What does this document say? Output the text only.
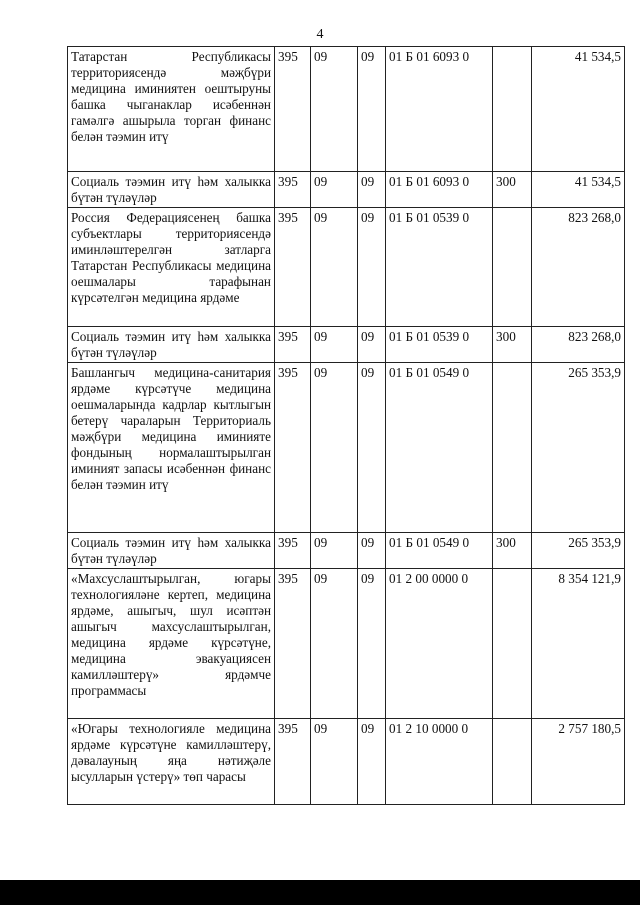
4
Татарстан Республикасы территориясендә мәҗбүри медицина иминиятен оештыруны башка чыганаклар исәбеннән гамәлгә ашырыла торган финанс белән тәэмин итү	395	09	09	01 Б 01 6093 0		41 534,5
Социаль тәэмин итү һәм халыкка бүтән түләүләр	395	09	09	01 Б 01 6093 0	300	41 534,5
Россия Федерациясенең башка субъектлары территориясендә иминләштерелгән затларга Татарстан Республикасы медицина оешмалары тарафынан күрсәтелгән медицина ярдәме	395	09	09	01 Б 01 0539 0		823 268,0
Социаль тәэмин итү һәм халыкка бүтән түләүләр	395	09	09	01 Б 01 0539 0	300	823 268,0
Башлангыч медицина-санитария ярдәме күрсәтүче медицина оешмаларында кадрлар кытлыгын бетерү чараларын Территориаль мәҗбүри медицина иминияте фондының нормалаштырылган иминият запасы исәбеннән финанс белән тәэмин итү	395	09	09	01 Б 01 0549 0		265 353,9
Социаль тәэмин итү һәм халыкка бүтән түләүләр	395	09	09	01 Б 01 0549 0	300	265 353,9
«Махсуслаштырылган, югары технологияләне кертеп, медицина ярдәме, ашыгыч, шул исәптән ашыгыч махсуслаштырылган, медицина ярдәме күрсәтүне, медицина эвакуациясен камилләштерү» ярдәмче программасы	395	09	09	01 2 00 0000 0		8 354 121,9
«Югары технологияле медицина ярдәме күрсәтүне камилләштерү, дәвалауның яңа нәтиҗәле ысулларын үстерү» төп чарасы	395	09	09	01 2 10 0000 0		2 757 180,5
